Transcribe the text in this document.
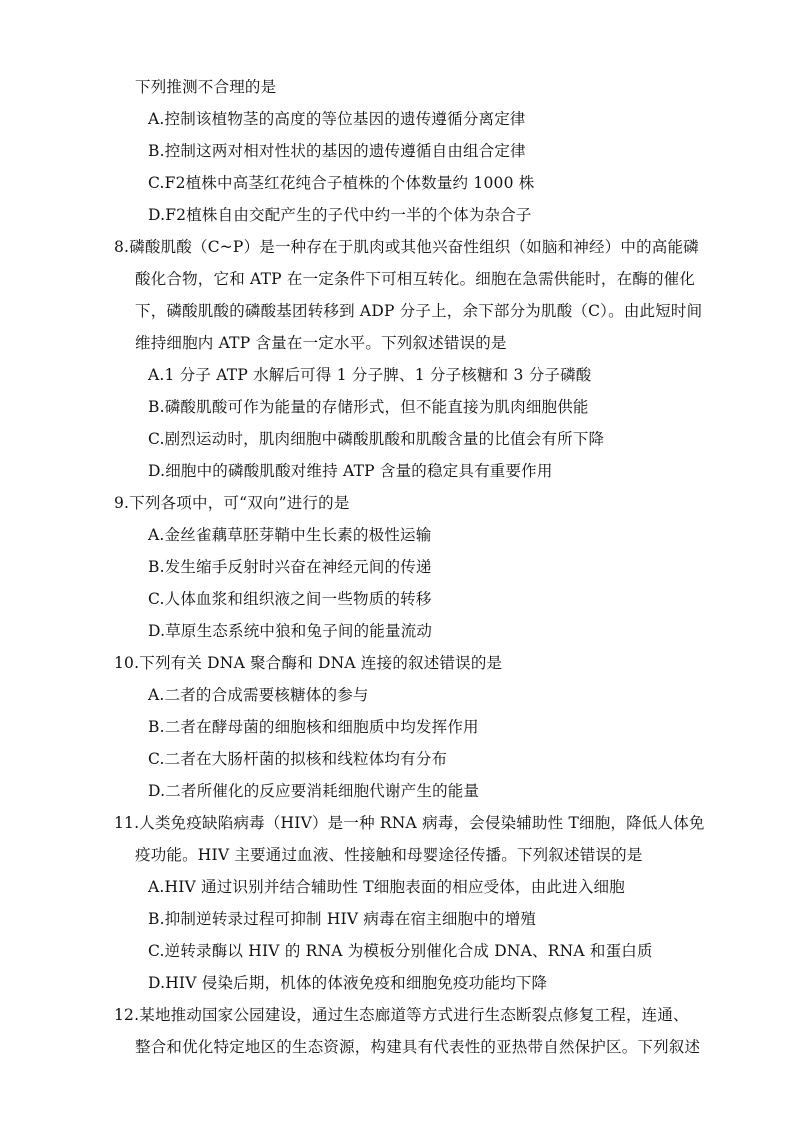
下列推测不合理的是
A.控制该植物茎的高度的等位基因的遗传遵循分离定律
B.控制这两对相对性状的基因的遗传遵循自由组合定律
C.F2植株中高茎红花纯合子植株的个体数量约 1000 株
D.F2植株自由交配产生的子代中约一半的个体为杂合子
8.磷酸肌酸（C~P）是一种存在于肌肉或其他兴奋性组织（如脑和神经）中的高能磷
酸化合物，它和 ATP 在一定条件下可相互转化。细胞在急需供能时，在酶的催化
下，磷酸肌酸的磷酸基团转移到 ADP 分子上，余下部分为肌酸（C）。由此短时间
维持细胞内 ATP 含量在一定水平。下列叙述错误的是
A.1 分子 ATP 水解后可得 1 分子脾、1 分子核糖和 3 分子磷酸
B.磷酸肌酸可作为能量的存储形式，但不能直接为肌肉细胞供能
C.剧烈运动时，肌肉细胞中磷酸肌酸和肌酸含量的比值会有所下降
D.细胞中的磷酸肌酸对维持 ATP 含量的稳定具有重要作用
9.下列各项中，可“双向”进行的是
A.金丝雀藕草胚芽鞘中生长素的极性运输
B.发生缩手反射时兴奋在神经元间的传递
C.人体血浆和组织液之间一些物质的转移
D.草原生态系统中狼和兔子间的能量流动
10.下列有关 DNA 聚合酶和 DNA 连接的叙述错误的是
A.二者的合成需要核糖体的参与
B.二者在酵母菌的细胞核和细胞质中均发挥作用
C.二者在大肠杆菌的拟核和线粒体均有分布
D.二者所催化的反应要消耗细胞代谢产生的能量
11.人类免疫缺陷病毒（HIV）是一种 RNA 病毒，会侵染辅助性 T细胞，降低人体免
疫功能。HIV 主要通过血液、性接触和母婴途径传播。下列叙述错误的是
A.HIV 通过识别并结合辅助性 T细胞表面的相应受体，由此进入细胞
B.抑制逆转录过程可抑制 HIV 病毒在宿主细胞中的增殖
C.逆转录酶以 HIV 的 RNA 为模板分别催化合成 DNA、RNA 和蛋白质
D.HIV 侵染后期，机体的体液免疫和细胞免疫功能均下降
12.某地推动国家公园建设，通过生态廊道等方式进行生态断裂点修复工程，连通、
整合和优化特定地区的生态资源，构建具有代表性的亚热带自然保护区。下列叙述
